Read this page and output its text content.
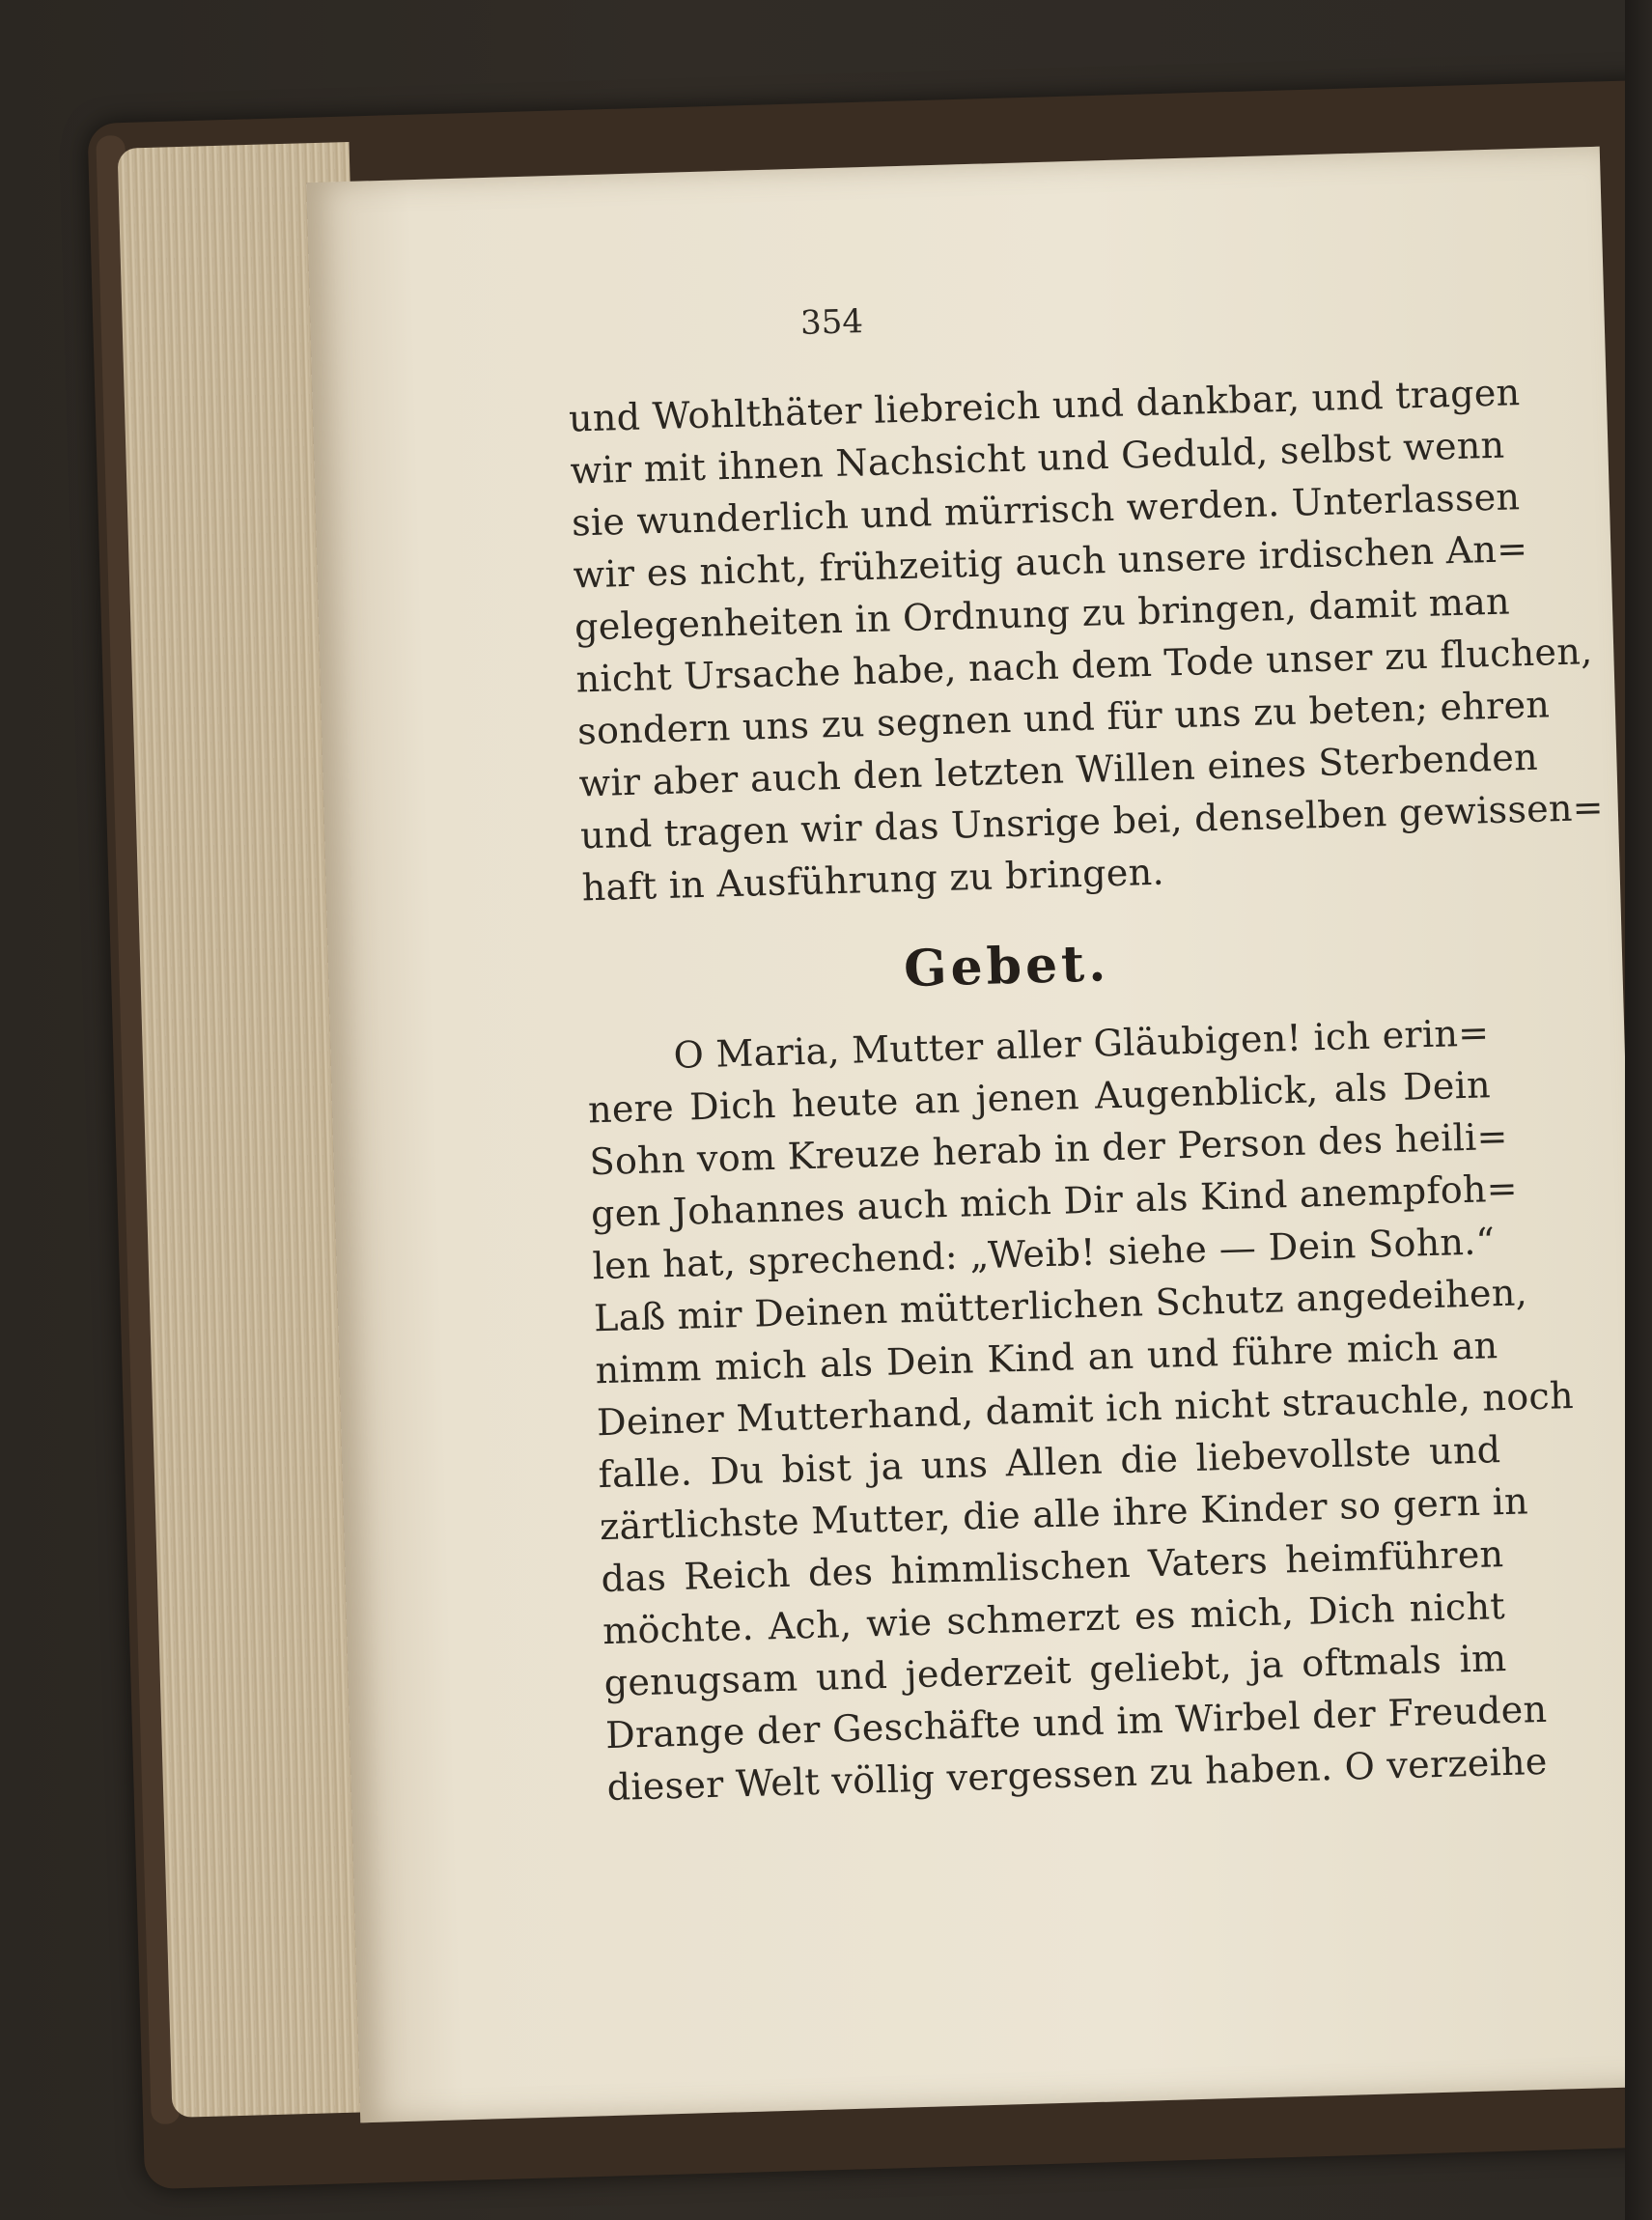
354
und Wohlthäter liebreich und dankbar, und tragen
wir mit ihnen Nachsicht und Geduld, selbst wenn
sie wunderlich und mürrisch werden. Unterlassen
wir es nicht, frühzeitig auch unsere irdischen An=
gelegenheiten in Ordnung zu bringen, damit man
nicht Ursache habe, nach dem Tode unser zu fluchen,
sondern uns zu segnen und für uns zu beten; ehren
wir aber auch den letzten Willen eines Sterbenden
und tragen wir das Unsrige bei, denselben gewissen=
haft in Ausführung zu bringen.
Gebet.
O Maria, Mutter aller Gläubigen! ich erin=
nere Dich heute an jenen Augenblick, als Dein
Sohn vom Kreuze herab in der Person des heili=
gen Johannes auch mich Dir als Kind anempfoh=
len hat, sprechend: „Weib! siehe — Dein Sohn.“
Laß mir Deinen mütterlichen Schutz angedeihen,
nimm mich als Dein Kind an und führe mich an
Deiner Mutterhand, damit ich nicht strauchle, noch
falle. Du bist ja uns Allen die liebevollste und
zärtlichste Mutter, die alle ihre Kinder so gern in
das Reich des himmlischen Vaters heimführen
möchte. Ach, wie schmerzt es mich, Dich nicht
genugsam und jederzeit geliebt, ja oftmals im
Drange der Geschäfte und im Wirbel der Freuden
dieser Welt völlig vergessen zu haben. O verzeihe
